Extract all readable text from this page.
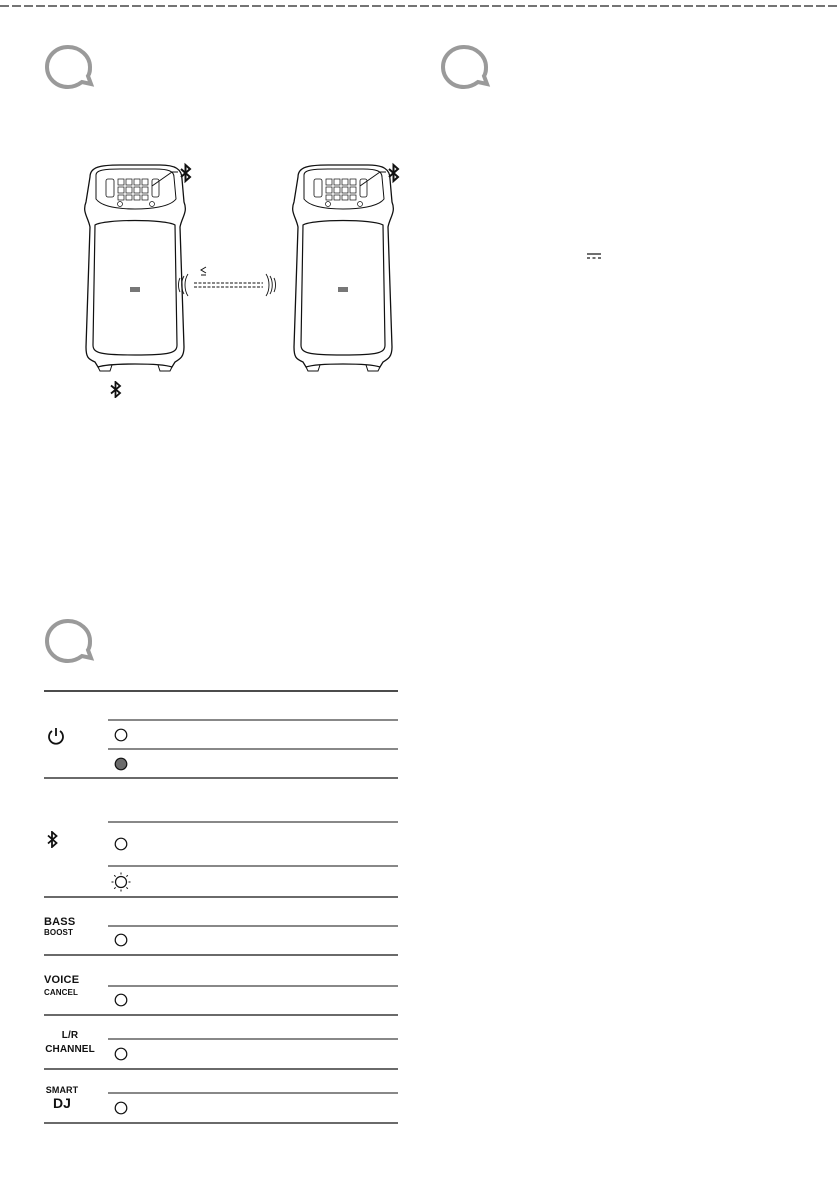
BASS
BOOST
VOICE
CANCEL
L/R
CHANNEL
SMART
DJ
